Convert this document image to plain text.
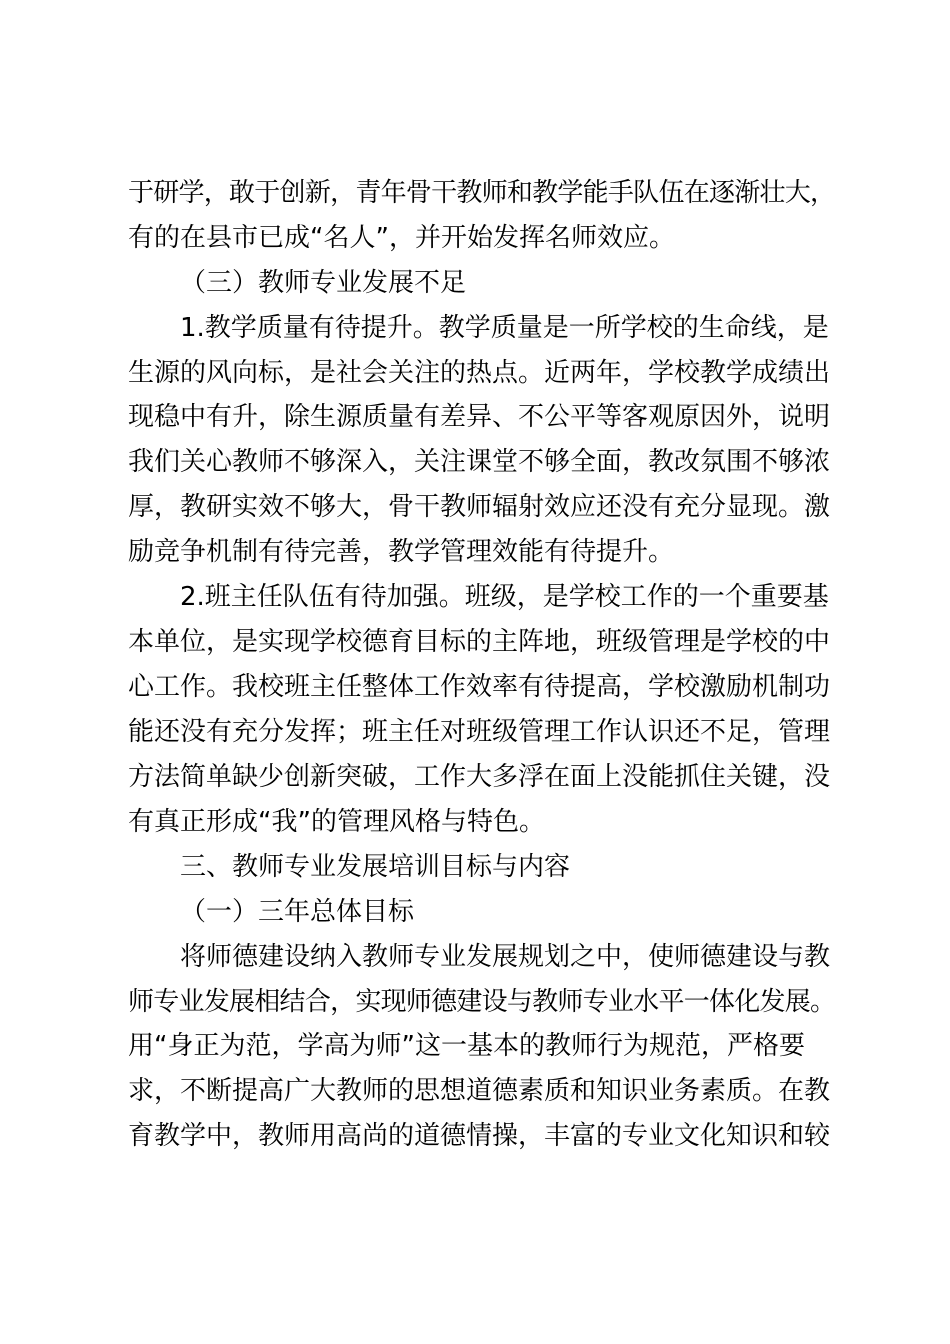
于研学，敢于创新，青年骨干教师和教学能手队伍在逐渐壮大，
有的在县市已成“名人”，并开始发挥名师效应。
（三）教师专业发展不足
1.教学质量有待提升。教学质量是一所学校的生命线，是
生源的风向标，是社会关注的热点。近两年，学校教学成绩出
现稳中有升，除生源质量有差异、不公平等客观原因外，说明
我们关心教师不够深入，关注课堂不够全面，教改氛围不够浓
厚，教研实效不够大，骨干教师辐射效应还没有充分显现。激
励竞争机制有待完善，教学管理效能有待提升。
2.班主任队伍有待加强。班级，是学校工作的一个重要基
本单位，是实现学校德育目标的主阵地，班级管理是学校的中
心工作。我校班主任整体工作效率有待提高，学校激励机制功
能还没有充分发挥；班主任对班级管理工作认识还不足，管理
方法简单缺少创新突破，工作大多浮在面上没能抓住关键，没
有真正形成“我”的管理风格与特色。
三、教师专业发展培训目标与内容
（一）三年总体目标
将师德建设纳入教师专业发展规划之中，使师德建设与教
师专业发展相结合，实现师德建设与教师专业水平一体化发展。
用“身正为范，学高为师”这一基本的教师行为规范，严格要
求，不断提高广大教师的思想道德素质和知识业务素质。在教
育教学中，教师用高尚的道德情操，丰富的专业文化知识和较
